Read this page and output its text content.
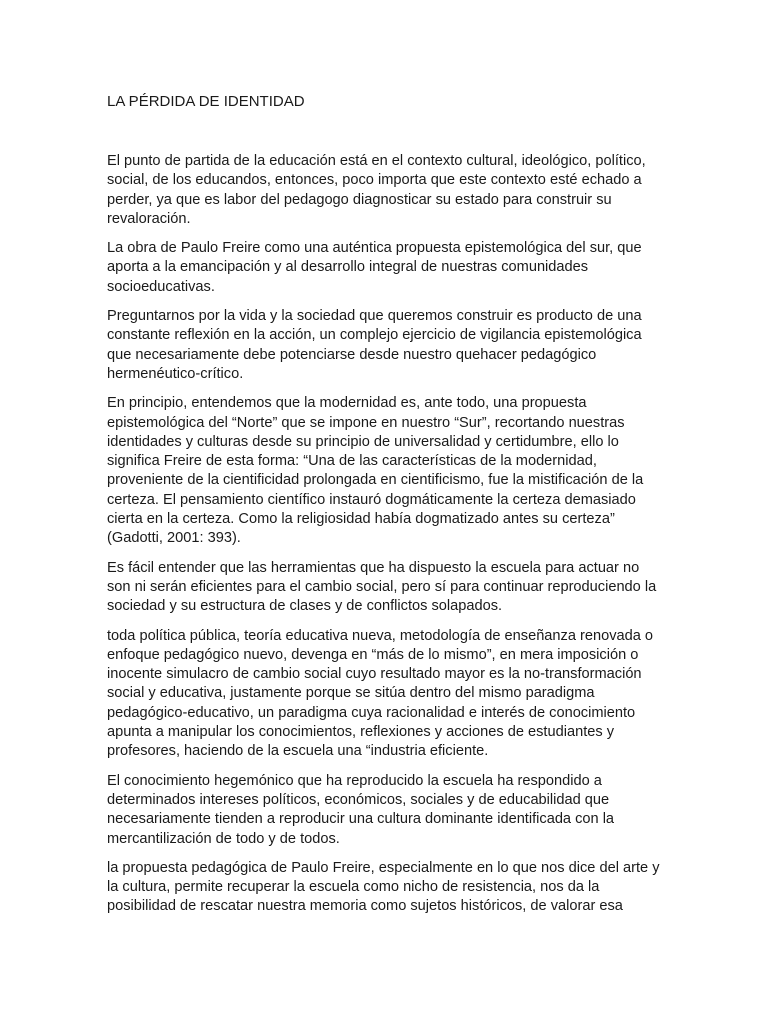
LA PÉRDIDA DE IDENTIDAD

El punto de partida de la educación está en el contexto cultural, ideológico, político, social, de los educandos, entonces, poco importa que este contexto esté echado a perder, ya que es labor del pedagogo diagnosticar su estado para construir su revaloración.

La obra de Paulo Freire como una auténtica propuesta epistemológica del sur, que aporta a la emancipación y al desarrollo integral de nuestras comunidades socioeducativas.

Preguntarnos por la vida y la sociedad que queremos construir es producto de una constante reflexión en la acción, un complejo ejercicio de vigilancia epistemológica que necesariamente debe potenciarse desde nuestro quehacer pedagógico hermenéutico-crítico.

En principio, entendemos que la modernidad es, ante todo, una propuesta epistemológica del “Norte” que se impone en nuestro “Sur”, recortando nuestras identidades y culturas desde su principio de universalidad y certidumbre, ello lo significa Freire de esta forma: “Una de las características de la modernidad, proveniente de la cientificidad prolongada en cientificismo, fue la mistificación de la certeza. El pensamiento científico instauró dogmáticamente la certeza demasiado cierta en la certeza. Como la religiosidad había dogmatizado antes su certeza” (Gadotti, 2001: 393).

Es fácil entender que las herramientas que ha dispuesto la escuela para actuar no son ni serán eficientes para el cambio social, pero sí para continuar reproduciendo la sociedad y su estructura de clases y de conflictos solapados.

toda política pública, teoría educativa nueva, metodología de enseñanza renovada o enfoque pedagógico nuevo, devenga en “más de lo mismo”, en mera imposición o inocente simulacro de cambio social cuyo resultado mayor es la no-transformación social y educativa, justamente porque se sitúa dentro del mismo paradigma pedagógico-educativo, un paradigma cuya racionalidad e interés de conocimiento apunta a manipular los conocimientos, reflexiones y acciones de estudiantes y profesores, haciendo de la escuela una “industria eficiente.

El conocimiento hegemónico que ha reproducido la escuela ha respondido a determinados intereses políticos, económicos, sociales y de educabilidad que necesariamente tienden a reproducir una cultura dominante identificada con la mercantilización de todo y de todos.

la propuesta pedagógica de Paulo Freire, especialmente en lo que nos dice del arte y la cultura, permite recuperar la escuela como nicho de resistencia, nos da la posibilidad de rescatar nuestra memoria como sujetos históricos, de valorar esa
